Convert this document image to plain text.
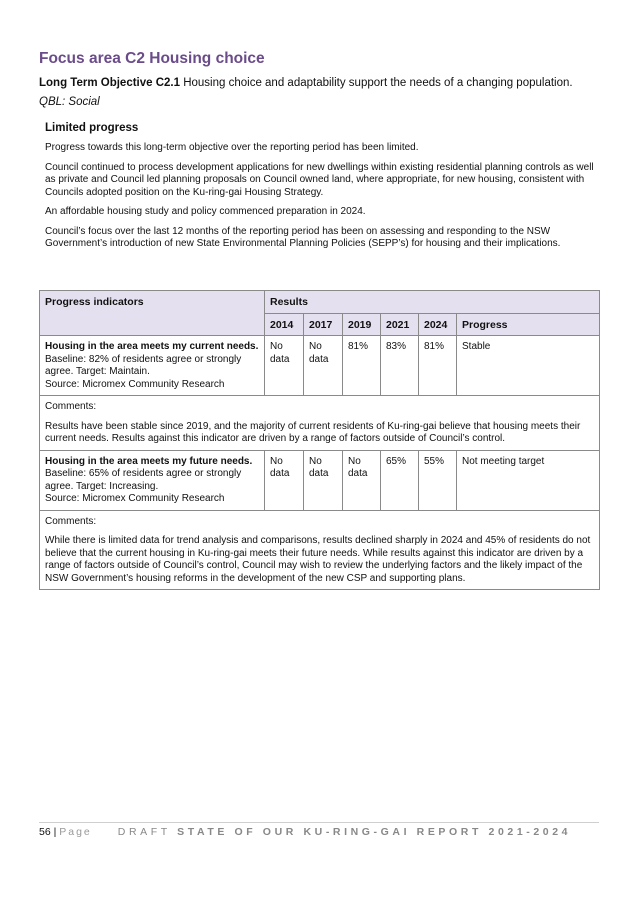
Focus area C2 Housing choice

Long Term Objective C2.1 Housing choice and adaptability support the needs of a changing population.

QBL: Social

Limited progress

Progress towards this long-term objective over the reporting period has been limited.

Council continued to process development applications for new dwellings within existing residential planning controls as well as private and Council led planning proposals on Council owned land, where appropriate, for new housing, consistent with Councils adopted position on the Ku-ring-gai Housing Strategy.

An affordable housing study and policy commenced preparation in 2024.

Council’s focus over the last 12 months of the reporting period has been on assessing and responding to the NSW Government’s introduction of new State Environmental Planning Policies (SEPP’s) for housing and their implications.

Progress indicators	Results					
	2014	2017	2019	2021	2024	Progress
Housing in the area meets my current needs. Baseline: 82% of residents agree or strongly agree. Target: Maintain.
Source: Micromex Community Research	No data	No data	81%	83%	81%	Stable

Comments:

Results have been stable since 2019, and the majority of current residents of Ku-ring-gai believe that housing meets their current needs. Results against this indicator are driven by a range of factors outside of Council’s control.						

Housing in the area meets my future needs. Baseline: 65% of residents agree or strongly agree. Target: Increasing.
Source: Micromex Community Research	No data	No data	No data	65%	55%	Not meeting target

Comments:

While there is limited data for trend analysis and comparisons, results declined sharply in 2024 and 45% of residents do not believe that the current housing in Ku-ring-gai meets their future needs. While results against this indicator are driven by a range of factors outside of Council’s control, Council may wish to review the underlying factors and the likely impact of the NSW Government’s housing reforms in the development of the new CSP and supporting plans.						

56 | Page DRAFT STATE OF OUR KU-RING-GAI REPORT 2021-2024
